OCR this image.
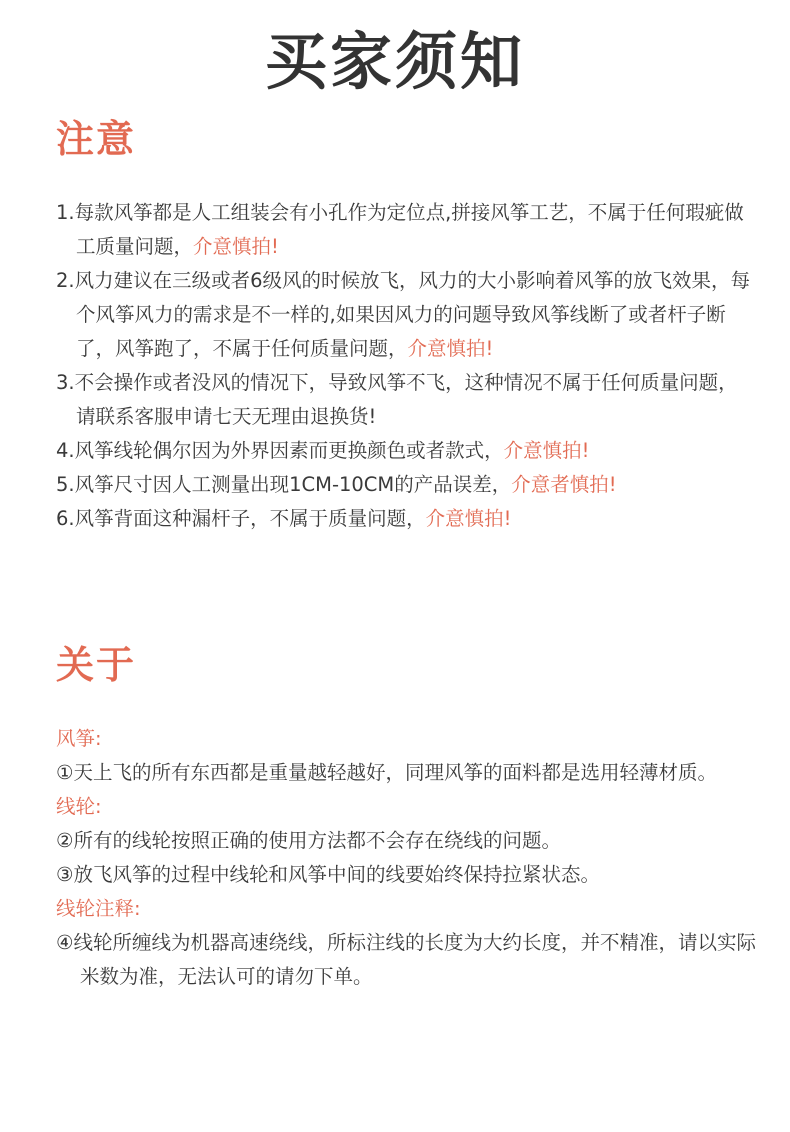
买家须知
注意

1.每款风筝都是人工组装会有小孔作为定位点,拼接风筝工艺，不属于任何瑕疵做工质量问题，介意慎拍!

2.风力建议在三级或者6级风的时候放飞，风力的大小影响着风筝的放飞效果，每个风筝风力的需求是不一样的,如果因风力的问题导致风筝线断了或者杆子断了，风筝跑了，不属于任何质量问题，介意慎拍!

3.不会操作或者没风的情况下，导致风筝不飞，这种情况不属于任何质量问题，请联系客服申请七天无理由退换货!

4.风筝线轮偶尔因为外界因素而更换颜色或者款式，介意慎拍!

5.风筝尺寸因人工测量出现1CM-10CM的产品误差，介意者慎拍!

6.风筝背面这种漏杆子，不属于质量问题，介意慎拍!

关于

风筝:

①天上飞的所有东西都是重量越轻越好，同理风筝的面料都是选用轻薄材质。

线轮:

②所有的线轮按照正确的使用方法都不会存在绕线的问题。

③放飞风筝的过程中线轮和风筝中间的线要始终保持拉紧状态。

线轮注释:

④线轮所缠线为机器高速绕线，所标注线的长度为大约长度，并不精准，请以实际米数为准，无法认可的请勿下单。
